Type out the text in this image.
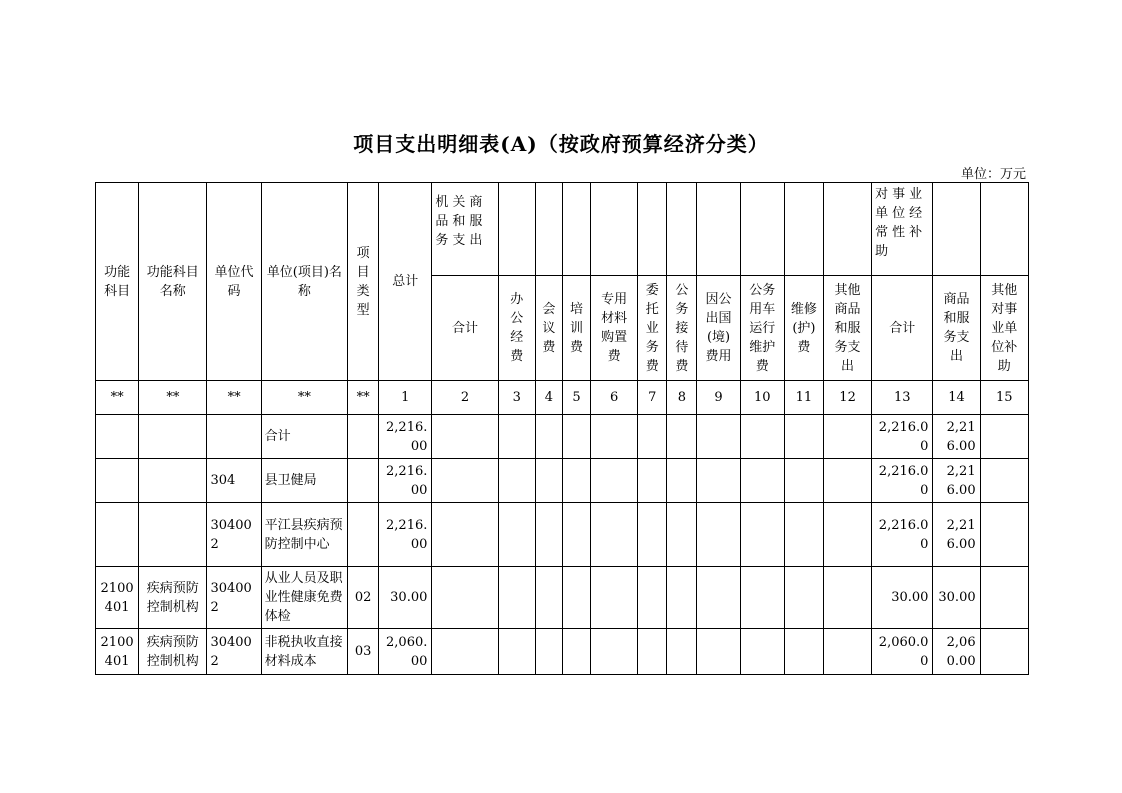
项目支出明细表(A)（按政府预算经济分类）
单位：万元
功能科目	功能科目名称	单位代码	单位(项目)名称	项目类型	总计	机关商品和服务支出											对事业单位经常性补助		
						合计	办公经费	会议费	培训费	专用材料购置费	委托业务费	公务接待费	因公出国(境)费用	公务用车运行维护费	维修(护)费	其他商品和服务支出	合计	商品和服务支出	其他对事业单位补助
**	**	**	**	**	1	2	3	4	5	6	7	8	9	10	11	12	13	14	15
			合计		2,216.00												2,216.00	2,216.00	
		304	县卫健局		2,216.00												2,216.00	2,216.00	
		304002	平江县疾病预防控制中心		2,216.00												2,216.00	2,216.00	
2100401	疾病预防控制机构	304002	从业人员及职业性健康免费体检	02	30.00												30.00	30.00	
2100401	疾病预防控制机构	304002	非税执收直接材料成本	03	2,060.00												2,060.00	2,060.00	
